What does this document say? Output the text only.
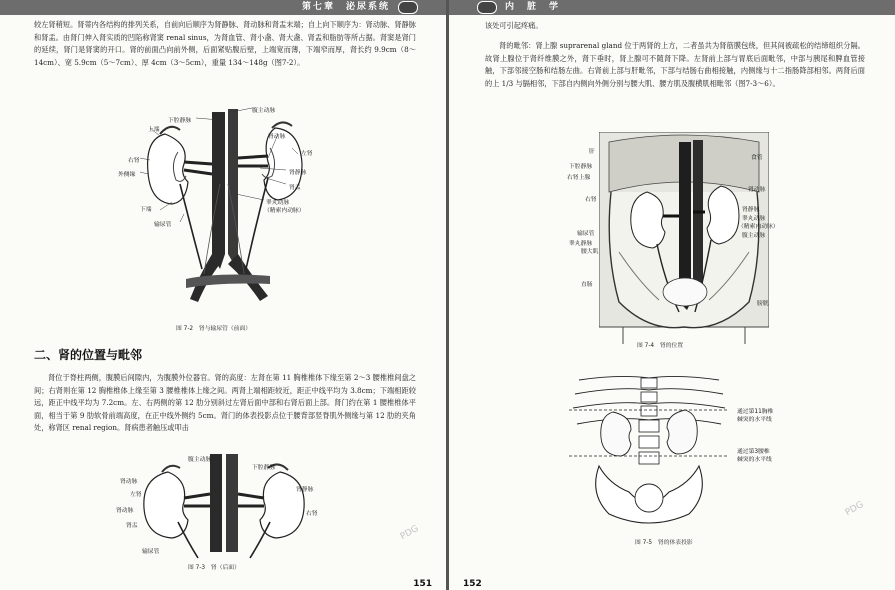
第七章　泌尿系统
较左肾稍短。肾蒂内各结构的排列关系，自前向后顺序为肾静脉、肾动脉和肾盂末端；自上向下顺序为：肾动脉、肾静脉和肾盂。由肾门伸入肾实质的凹陷称肾窦 renal sinus，为肾血管、肾小盏、肾大盏、肾盂和脂肪等所占据。肾窦是肾门的延续，肾门是肾窦的开口。肾的前面凸向前外侧，后面紧贴腹后壁，上端宽而薄，下端窄而厚，肾长约 9.9cm（8～14cm）、宽 5.9cm（5～7cm）、厚 4cm（3～5cm），重量 134～148g（图7-2）。
腹主动脉
下腔静脉
上端
肾动脉
左肾
右肾
肾静脉
外侧缘
肾盂
下端
睾丸动脉
（精索内动脉）
输尿管
图 7-2　肾与输尿管（前面）
二、肾的位置与毗邻
肾位于脊柱两侧，腹膜后间隙内，为腹膜外位器官。肾的高度：左肾在第 11 胸椎椎体下缘至第 2～3 腰椎椎间盘之间；右肾则在第 12 胸椎椎体上缘至第 3 腰椎椎体上缘之间。两肾上端相距较近，距正中线平均为 3.8cm；下端相距较远，距正中线平均为 7.2cm。左、右两侧的第 12 肋分别斜过左肾后面中部和右肾后面上部。肾门约在第 1 腰椎椎体平面，相当于第 9 肋软骨前端高度，在正中线外侧约 5cm。肾门的体表投影点位于腰背部竖脊肌外侧缘与第 12 肋的夹角处，称肾区 renal region。肾病患者触压或叩击
腹主动脉
下腔静脉
肾动脉
左肾
肾静脉
肾动脉
肾盂
右肾
输尿管
图 7-3　肾（后面）
PDG
151
内　脏　学
该处可引起疼痛。
肾的毗邻：肾上腺 suprarenal gland 位于两肾的上方，二者虽共为肾筋膜包绕，但其间被疏松的结缔组织分隔。故肾上腺位于肾纤维膜之外，肾下垂时，肾上腺可不随肾下降。左肾前上部与胃底后面毗邻，中部与胰尾和脾血管接触，下部邻接空肠和结肠左曲。右肾前上部与肝毗邻，下部与结肠右曲相接触，内侧缘与十二指肠降部相邻。两肾后面的上 1/3 与膈相邻，下部自内侧向外侧分别与腰大肌、腰方肌及腹横肌相毗邻（图7-3～6）。
肝
下腔静脉
右肾上腺
右肾
输尿管
睾丸静脉
腰大肌
直肠
食管
肾动脉
肾静脉
睾丸动脉
（精索内动脉）
腹主动脉
膀胱
图 7-4　肾的位置
通过第11胸椎
棘突的水平线
通过第3腰椎
棘突的水平线
图 7-5　肾的体表投影
PDG
152
